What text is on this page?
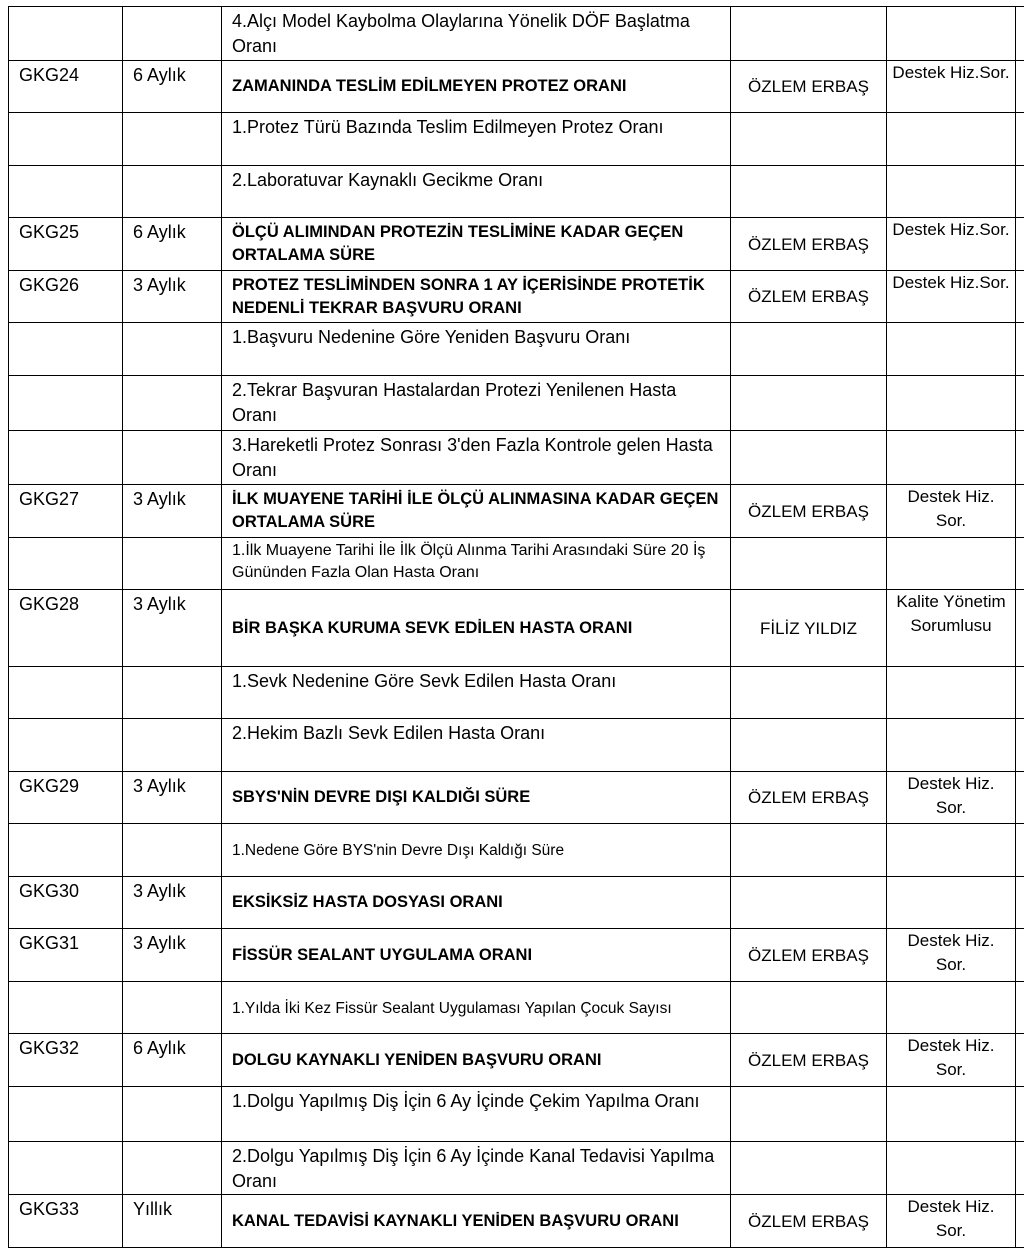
		4.Alçı Model Kaybolma Olaylarına Yönelik DÖF Başlatma Oranı			
GKG24	6 Aylık	ZAMANINDA TESLİM EDİLMEYEN PROTEZ ORANI	ÖZLEM ERBAŞ	Destek Hiz.Sor.	
		1.Protez Türü Bazında Teslim Edilmeyen Protez Oranı			
		2.Laboratuvar Kaynaklı Gecikme Oranı			
GKG25	6 Aylık	ÖLÇÜ ALIMINDAN PROTEZİN TESLİMİNE KADAR GEÇEN ORTALAMA SÜRE	ÖZLEM ERBAŞ	Destek Hiz.Sor.	
GKG26	3 Aylık	PROTEZ TESLİMİNDEN SONRA 1 AY İÇERİSİNDE PROTETİK NEDENLİ TEKRAR BAŞVURU ORANI	ÖZLEM ERBAŞ	Destek Hiz.Sor.	
		1.Başvuru Nedenine Göre Yeniden Başvuru Oranı			
		2.Tekrar Başvuran Hastalardan Protezi Yenilenen Hasta Oranı			
		3.Hareketli Protez Sonrası 3'den Fazla Kontrole gelen Hasta Oranı			
GKG27	3 Aylık	İLK MUAYENE TARİHİ İLE ÖLÇÜ ALINMASINA KADAR GEÇEN ORTALAMA SÜRE	ÖZLEM ERBAŞ	Destek Hiz. Sor.	
		1.İlk Muayene Tarihi İle İlk Ölçü Alınma Tarihi Arasındaki Süre 20 İş Gününden Fazla Olan Hasta Oranı			
GKG28	3 Aylık	BİR BAŞKA KURUMA SEVK EDİLEN HASTA ORANI	FİLİZ YILDIZ	Kalite Yönetim Sorumlusu	
		1.Sevk Nedenine Göre Sevk Edilen Hasta Oranı			
		2.Hekim Bazlı Sevk Edilen Hasta Oranı			
GKG29	3 Aylık	SBYS'NİN DEVRE DIŞI KALDIĞI SÜRE	ÖZLEM ERBAŞ	Destek Hiz. Sor.	
		1.Nedene Göre BYS'nin Devre Dışı Kaldığı Süre			
GKG30	3 Aylık	EKSİKSİZ HASTA DOSYASI ORANI			
GKG31	3 Aylık	FİSSÜR SEALANT UYGULAMA ORANI	ÖZLEM ERBAŞ	Destek Hiz. Sor.	
		1.Yılda İki Kez Fissür Sealant Uygulaması Yapılan Çocuk Sayısı			
GKG32	6 Aylık	DOLGU KAYNAKLI YENİDEN BAŞVURU ORANI	ÖZLEM ERBAŞ	Destek Hiz. Sor.	
		1.Dolgu Yapılmış Diş İçin 6 Ay İçinde Çekim Yapılma Oranı			
		2.Dolgu Yapılmış Diş İçin 6 Ay İçinde Kanal Tedavisi Yapılma Oranı			
GKG33	Yıllık	KANAL TEDAVİSİ KAYNAKLI YENİDEN BAŞVURU ORANI	ÖZLEM ERBAŞ	Destek Hiz. Sor.	
